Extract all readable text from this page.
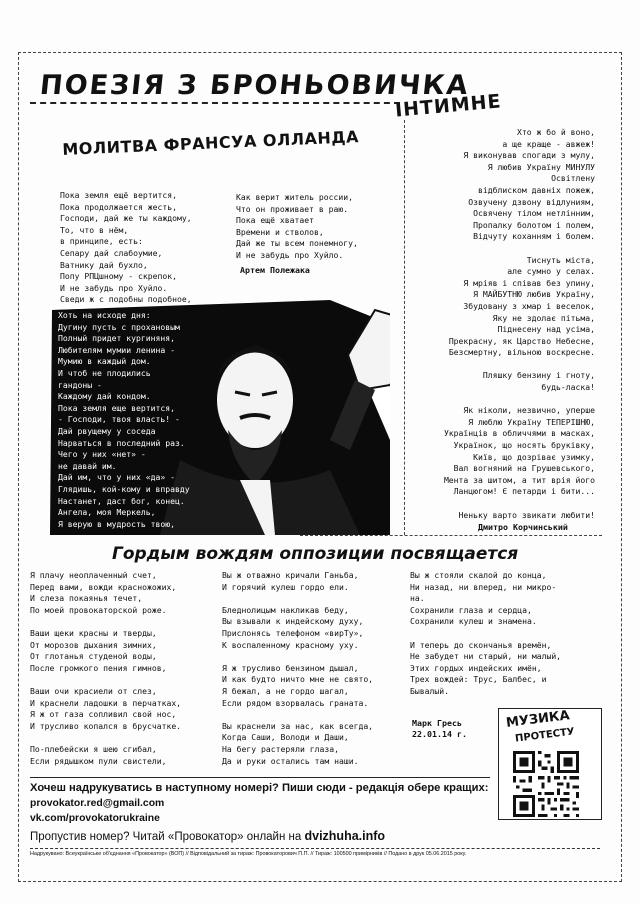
ПОЕЗІЯ З БРОНЬОВИЧКА
ІНТИМНЕ
МОЛИТВА ФРАНСУА ОЛЛАНДА
Пока земля ещё вертится,
Пока продолжается жесть,
Господи, дай же ты каждому,
То, что в нём,
в принципе, есть:
Сепару дай слабоумие,
Ватнику дай бухло,
Попу РПЦшному - скрепок,
И не забудь про Хуйло.
Сведи ж с подобны подобное,
Хоть на исходе дня:
Дугину пусть с прохановым
Полный придет кургиняня,
Любителям мумии ленина -
Мумию в каждый дом.
И чтоб не плодились
гандоны -
Каждому дай кондом.
Пока земля еще вертится,
- Господи, твоя власть! -
Дай рвущему у соседа
Нарваться в последний раз.
Чего у них «нет» -
не давай им.
Дай им, что у них «да» -
Глядишь, кой-кому и вправду
Настанет, даст бог, конец.
Ангела, моя Меркель,
Я верую в мудрость твою,
Как верит житель россии,
Что он проживает в раю.
Пока ещё хватает
Времени и стволов,
Дай же ты всем понемногу,
И не забудь про Хуйло.
Артем Полежака
Хто ж бо й воно,
а ще краще - авжеж!
Я виконував спогади з мулу,
Я любив Україну МИНУЛУ
Освітлену
відблиском давніх пожеж,
Озвучену дзвону відлуниям,
Освячену тілом нетлінним,
Пропалку болотом і полем,
Відчуту коханням і болем.

Тиснуть міста,
але сумно у селах.
Я мріяв і співав без упину,
Я МАЙБУТНЮ любив Україну,
Збудовану з хмар і веселок,
Яку не здолає пітьма,
Піднесену над усіма,
Прекрасну, як Царство Небесне,
Безсмертну, вільною воскресне.

Пляшку бензину і гноту,
будь-ласка!

Як ніколи, незвично, уперше
Я люблю Україну ТЕПЕРІШНЮ,
Українців в обличчями в масках,
Українок, що носять бруківку,
Київ, що дозріває узимку,
Вал вогняний на Грушевського,
Мента за шитом, а тит врія його
Ланцюгом! Є петарди і бити...

Неньку варто звикати любити!
Дмитро Корчинський
Гордым вождям оппозиции посвящается
Я плачу неоплаченный счет,
Перед вами, вожди красножожих,
И слеза покаянья течет,
По моей провокаторской роже.

Ваши щеки красны и тверды,
От морозов дыхания зимних,
От глотанья студеной воды,
После громкого пения гимнов,

Ваши очи красиели от слез,
И краснели ладошки в перчатках,
Я ж от газа сопливил свой нос,
И трусливо копался в брусчатке.

По-плебейски я шею сгибал,
Если рядышком пули свистели,
Вы ж отважно кричали Ганьба,
И горячий кулеш гордо ели.

Бледнолицым накликав беду,
Вы взывали к индейскому духу,
Прислонясь телефоном «вирТу»,
К воспаленному красному уху.

Я ж трусливо бензином дышал,
И как будто ничто мне не свято,
Я бежал, а не гордо шагал,
Если рядом взорвалась граната.

Вы краснели за нас, как всегда,
Когда Саши, Володи и Даши,
На бегу растеряли глаза,
Да и руки остались там наши.
Вы ж стояли скалой до конца,
Ни назад, ни вперед, ни микро-
на.
Сохранили глаза и сердца,
Сохранили кулеш и знамена.

И теперь до скончанья времён,
Не забудет ни старый, ни малый,
Этих гордых индейских имён,
Трех вождей: Трус, Балбес, и
Бывалый.
Марк Гресь
22.01.14 г.
МУЗИКА
ПРОТЕСТУ
Хочеш надрукуватись в наступному номері? Пиши сюди - редакція обере кращих:
provokator.red@gmail.com
vk.com/provokatorukraine
Пропустив номер? Читай «Провокатор» онлайн на dvizhuha.info
Надрукувано: Всеукраїнське об'єднання «Провокатор» (ВОП) // Відповідальний за тираж: Провокаторович П.П. // Тираж: 100500 примірників // Подано в друк 05.06.2015 року.
